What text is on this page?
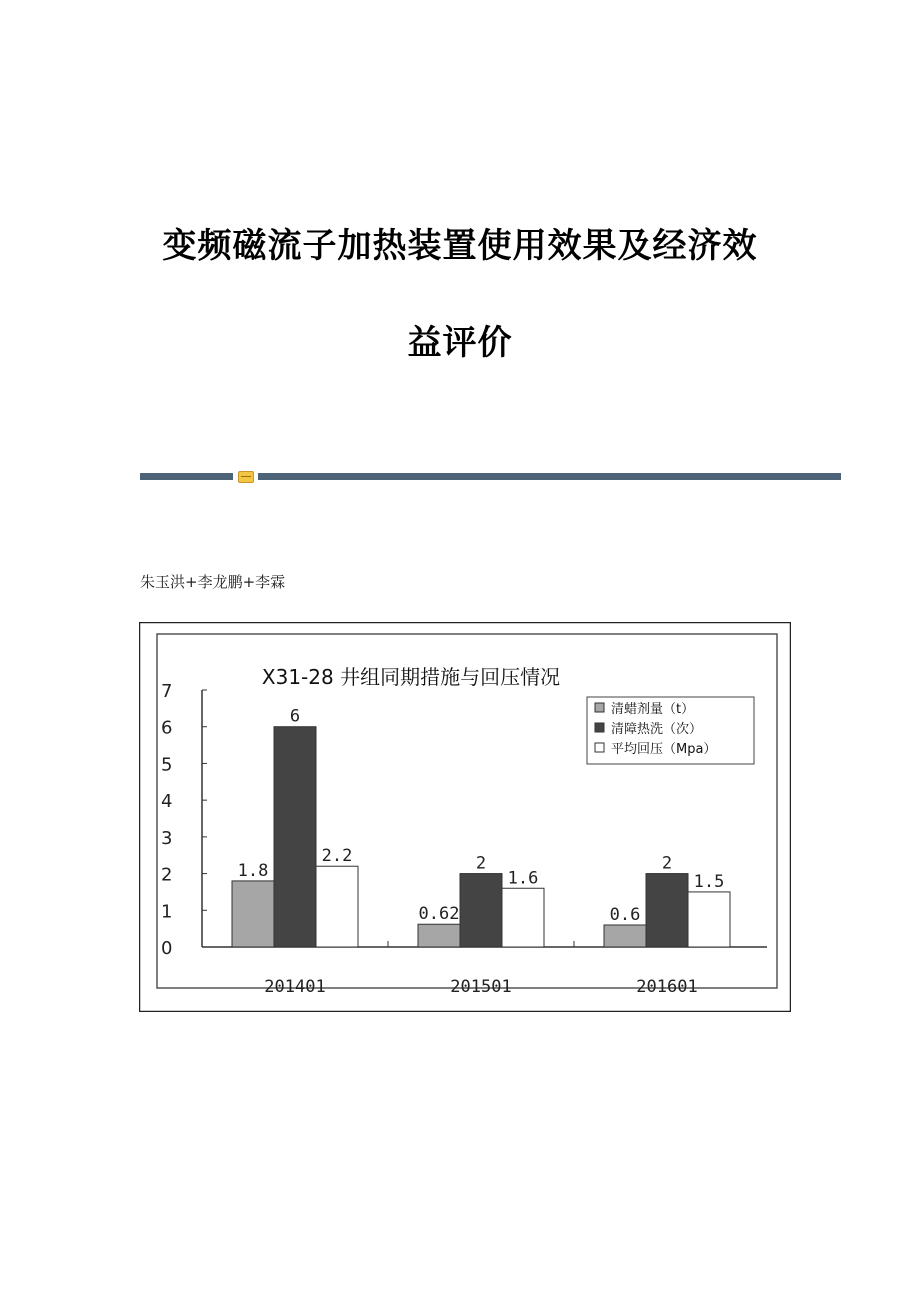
变频磁流子加热装置使用效果及经济效
益评价
朱玉洪+李龙鹏+李霖
X31-28 井组同期措施与回压情况
0
1
2
3
4
5
6
7
1.8
6
2.2
201401
0.62
2
1.6
201501
0.6
2
1.5
201601
清蜡剂量（t）
清障热洗（次）
平均回压（Mpa）
